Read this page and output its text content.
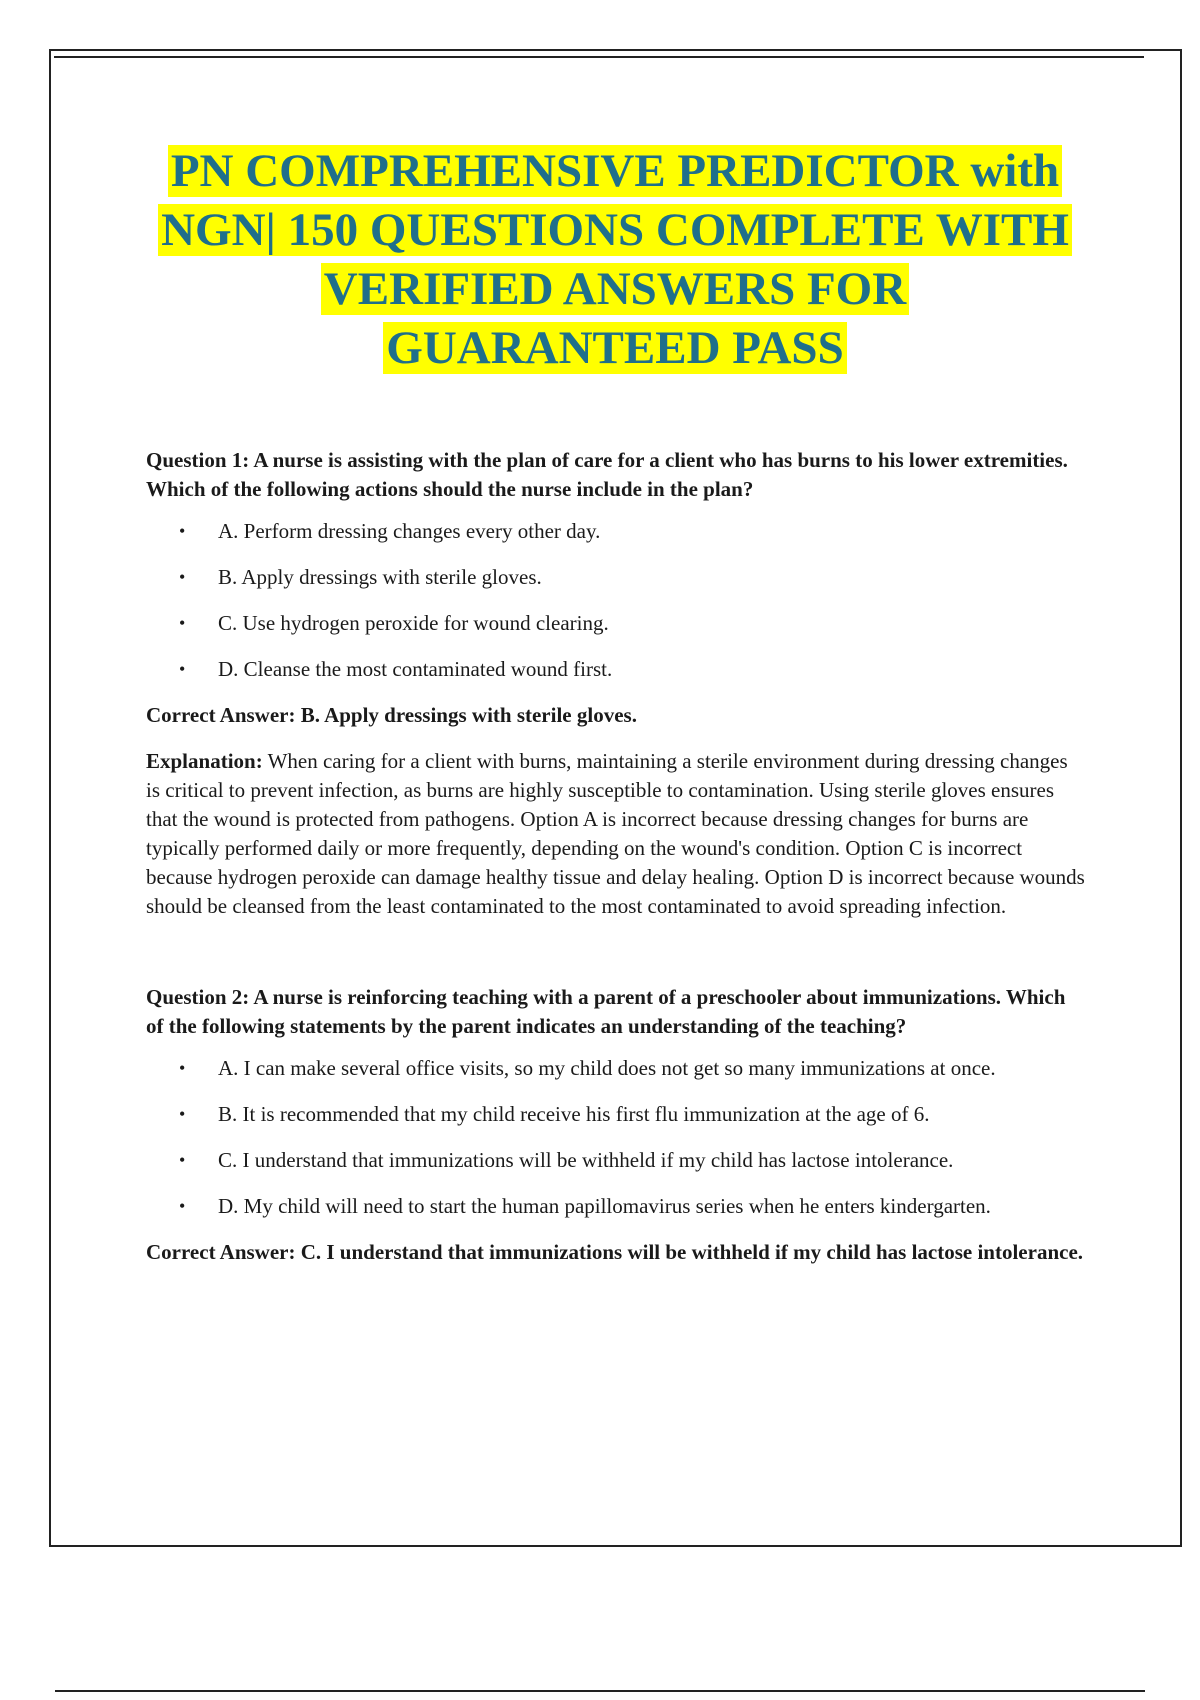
PN COMPREHENSIVE PREDICTOR with
NGN| 150 QUESTIONS COMPLETE WITH
VERIFIED ANSWERS FOR
GUARANTEED PASS

Question 1: A nurse is assisting with the plan of care for a client who has burns to his lower extremities. Which of the following actions should the nurse include in the plan?

• A. Perform dressing changes every other day.
• B. Apply dressings with sterile gloves.
• C. Use hydrogen peroxide for wound clearing.
• D. Cleanse the most contaminated wound first.

Correct Answer: B. Apply dressings with sterile gloves.

Explanation: When caring for a client with burns, maintaining a sterile environment during dressing changes is critical to prevent infection, as burns are highly susceptible to contamination. Using sterile gloves ensures that the wound is protected from pathogens. Option A is incorrect because dressing changes for burns are typically performed daily or more frequently, depending on the wound's condition. Option C is incorrect because hydrogen peroxide can damage healthy tissue and delay healing. Option D is incorrect because wounds should be cleansed from the least contaminated to the most contaminated to avoid spreading infection.

Question 2: A nurse is reinforcing teaching with a parent of a preschooler about immunizations. Which of the following statements by the parent indicates an understanding of the teaching?

• A. I can make several office visits, so my child does not get so many immunizations at once.
• B. It is recommended that my child receive his first flu immunization at the age of 6.
• C. I understand that immunizations will be withheld if my child has lactose intolerance.
• D. My child will need to start the human papillomavirus series when he enters kindergarten.

Correct Answer: C. I understand that immunizations will be withheld if my child has lactose intolerance.
